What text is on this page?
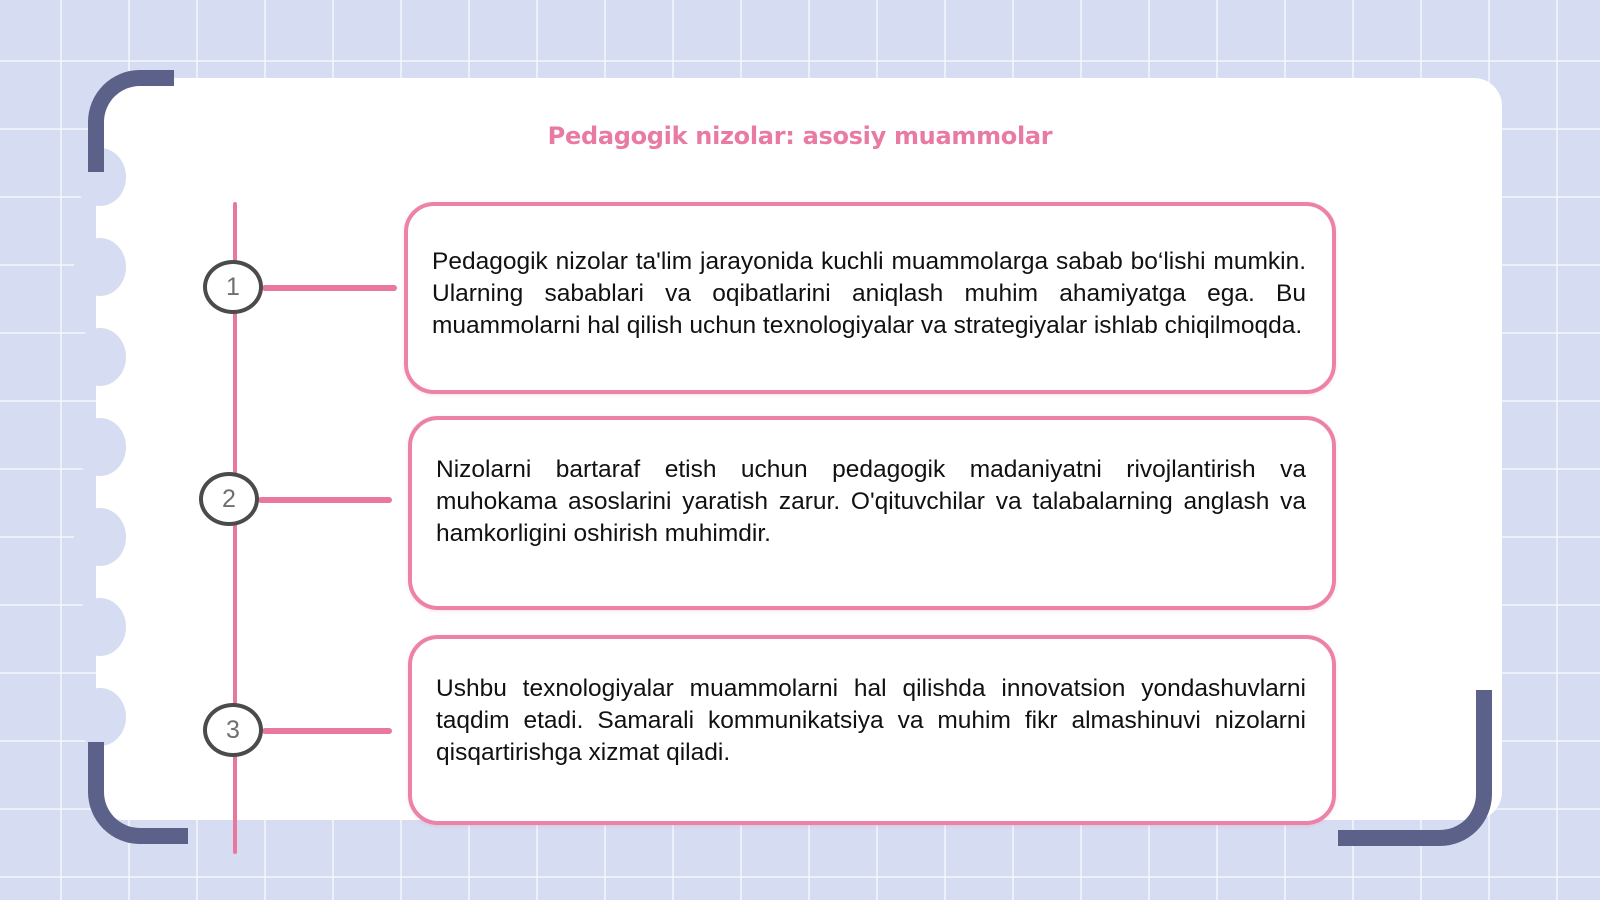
Pedagogik nizolar: asosiy muammolar
1

Pedagogik nizolar ta'lim jarayonida kuchli muammolarga sabab bo‘lishi mumkin. Ularning sabablari va oqibatlarini aniqlash muhim ahamiyatga ega. Bu muammolarni hal qilish uchun texnologiyalar va strategiyalar ishlab chiqilmoqda.

2

Nizolarni bartaraf etish uchun pedagogik madaniyatni rivojlantirish va muhokama asoslarini yaratish zarur. O'qituvchilar va talabalarning anglash va hamkorligini oshirish muhimdir.

3

Ushbu texnologiyalar muammolarni hal qilishda innovatsion yondashuvlarni taqdim etadi. Samarali kommunikatsiya va muhim fikr almashinuvi nizolarni qisqartirishga xizmat qiladi.
